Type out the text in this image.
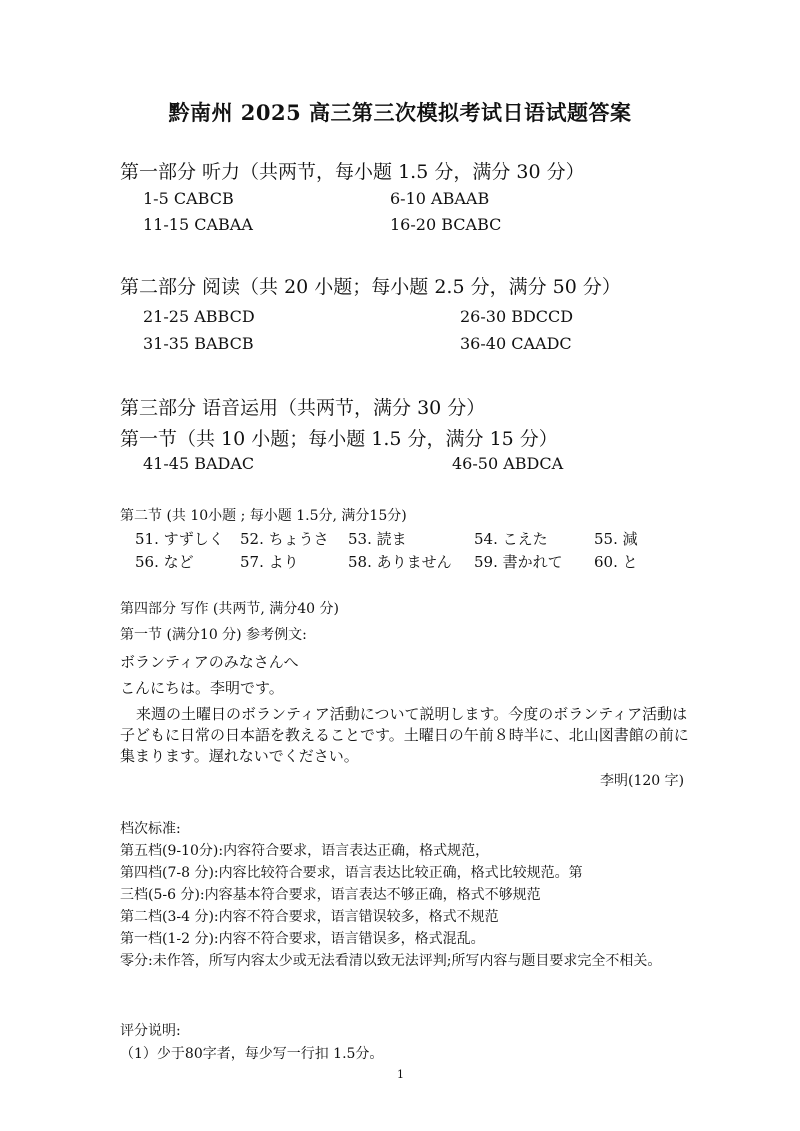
黔南州 2025 高三第三次模拟考试日语试题答案
第一部分 听力（共两节，每小题 1.5 分，满分 30 分）
1-5 CABCB	6-10 ABAAB
11-15 CABAA	16-20 BCABC
第二部分 阅读（共 20 小题；每小题 2.5 分，满分 50 分）
21-25 ABBCD	26-30 BDCCD
31-35 BABCB	36-40 CAADC
第三部分 语音运用（共两节，满分 30 分）
第一节（共 10 小题；每小题 1.5 分，满分 15 分）
41-45 BADAC	46-50 ABDCA
第二节 (共 10小题 ; 每小题 1.5分, 满分15分)
51. すずしく 52. ちょうさ 53. 読ま	54. こえた	55. 減
56. など	57. より	58. ありません 59. 書かれて 60. と
第四部分 写作 (共两节, 满分40 分)
第一节 (满分10 分) 参考例文:
ボランティアのみなさんへ
こんにちは。李明です。
来週の土曜日のボランティア活動について説明します。今度のボランティア活動は子どもに日常の日本語を教えることです。土曜日の午前８時半に、北山図書館の前に集まります。遅れないでください。
李明(120 字)
档次标准:
第五档(9-10分):内容符合要求，语言表达正确，格式规范，
第四档(7-8 分):内容比较符合要求，语言表达比较正确，格式比较规范。第
三档(5-6 分):内容基本符合要求，语言表达不够正确，格式不够规范
第二档(3-4 分):内容不符合要求，语言错误较多，格式不规范
第一档(1-2 分):内容不符合要求，语言错误多，格式混乱。
零分:未作答，所写内容太少或无法看清以致无法评判;所写内容与题目要求完全不相关。
评分说明:
（1）少于80字者，每少写一行扣 1.5分。
1
